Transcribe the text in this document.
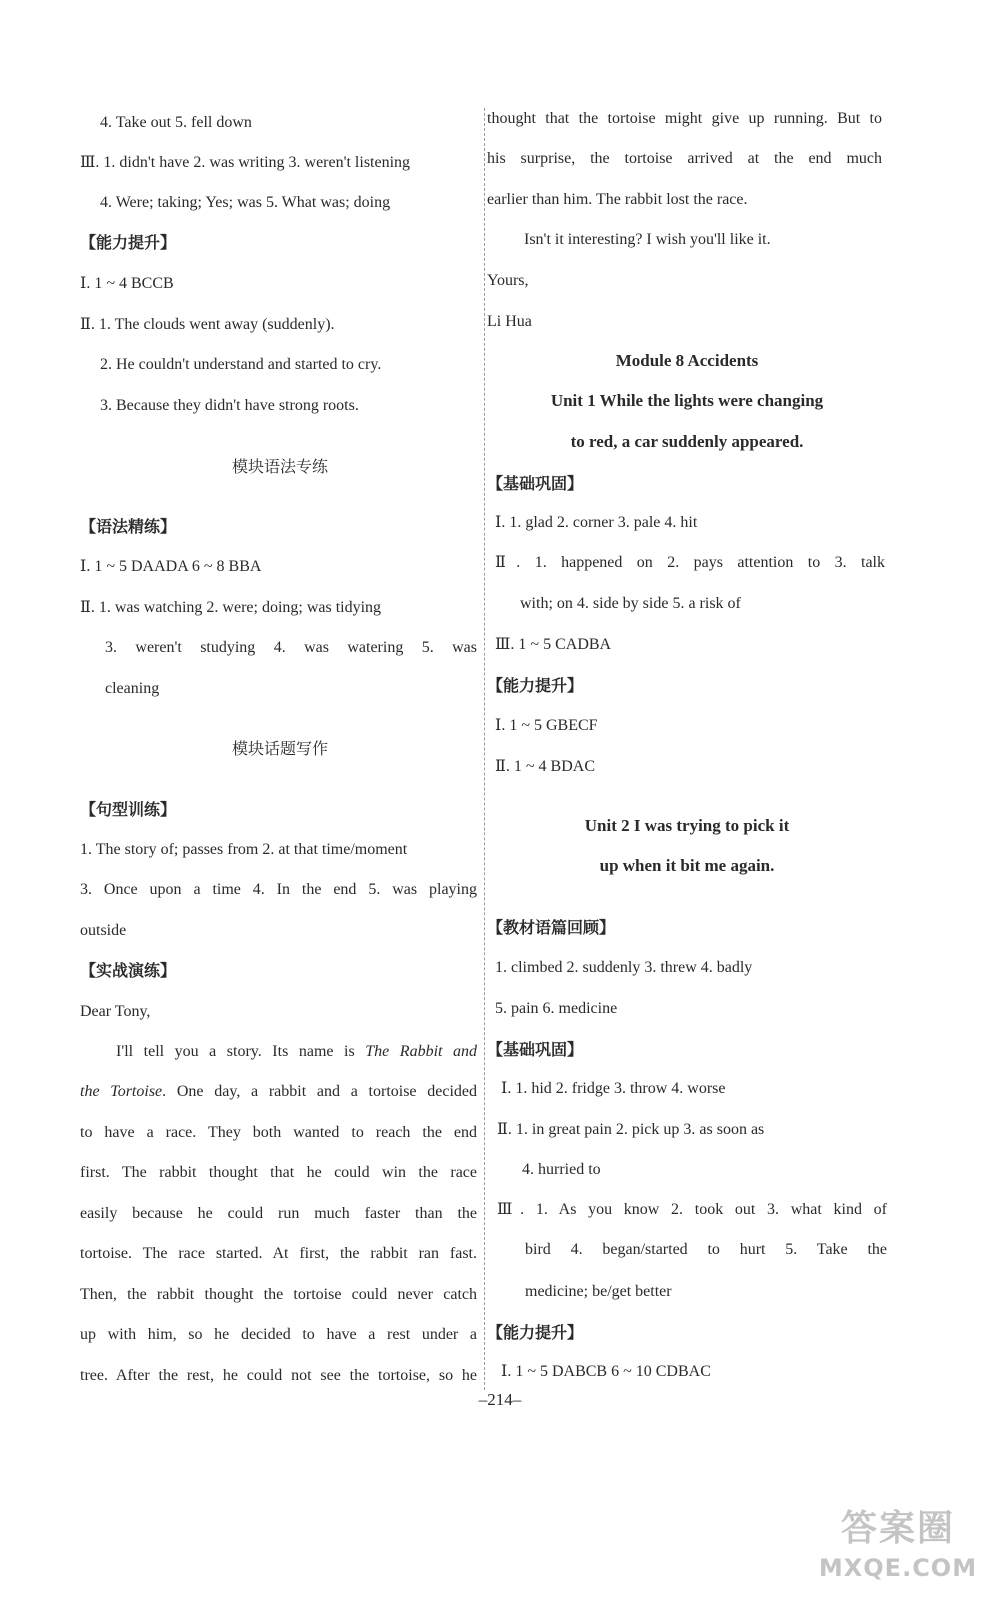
4. Take out 5. fell down
Ⅲ. 1. didn't have 2. was writing 3. weren't listening
4. Were; taking; Yes; was 5. What was; doing
【能力提升】
Ⅰ. 1 ~ 4 BCCB
Ⅱ. 1. The clouds went away (suddenly).
2. He couldn't understand and started to cry.
3. Because they didn't have strong roots.
模块语法专练
【语法精练】
Ⅰ. 1 ~ 5 DAADA 6 ~ 8 BBA
Ⅱ. 1. was watching 2. were; doing; was tidying
3. weren't studying 4. was watering 5. was
cleaning
模块话题写作
【句型训练】
1. The story of; passes from 2. at that time/moment
3. Once upon a time 4. In the end 5. was playing
outside
【实战演练】
Dear Tony,
I'll tell you a story. Its name is The Rabbit and
the Tortoise. One day, a rabbit and a tortoise decided
to have a race. They both wanted to reach the end
first. The rabbit thought that he could win the race
easily because he could run much faster than the
tortoise. The race started. At first, the rabbit ran fast.
Then, the rabbit thought the tortoise could never catch
up with him, so he decided to have a rest under a
tree. After the rest, he could not see the tortoise, so he
thought that the tortoise might give up running. But to
his surprise, the tortoise arrived at the end much
earlier than him. The rabbit lost the race.
Isn't it interesting? I wish you'll like it.
Yours,
Li Hua
Module 8 Accidents
Unit 1 While the lights were changing
to red, a car suddenly appeared.
【基础巩固】
Ⅰ. 1. glad 2. corner 3. pale 4. hit
Ⅱ. 1. happened on 2. pays attention to 3. talk
with; on 4. side by side 5. a risk of
Ⅲ. 1 ~ 5 CADBA
【能力提升】
Ⅰ. 1 ~ 5 GBECF
Ⅱ. 1 ~ 4 BDAC
Unit 2 I was trying to pick it
up when it bit me again.
【教材语篇回顾】
1. climbed 2. suddenly 3. threw 4. badly
5. pain 6. medicine
【基础巩固】
Ⅰ. 1. hid 2. fridge 3. throw 4. worse
Ⅱ. 1. in great pain 2. pick up 3. as soon as
4. hurried to
Ⅲ. 1. As you know 2. took out 3. what kind of
bird 4. began/started to hurt 5. Take the
medicine; be/get better
【能力提升】
Ⅰ. 1 ~ 5 DABCB 6 ~ 10 CDBAC
–214–
答案圈
MXQE.COM
